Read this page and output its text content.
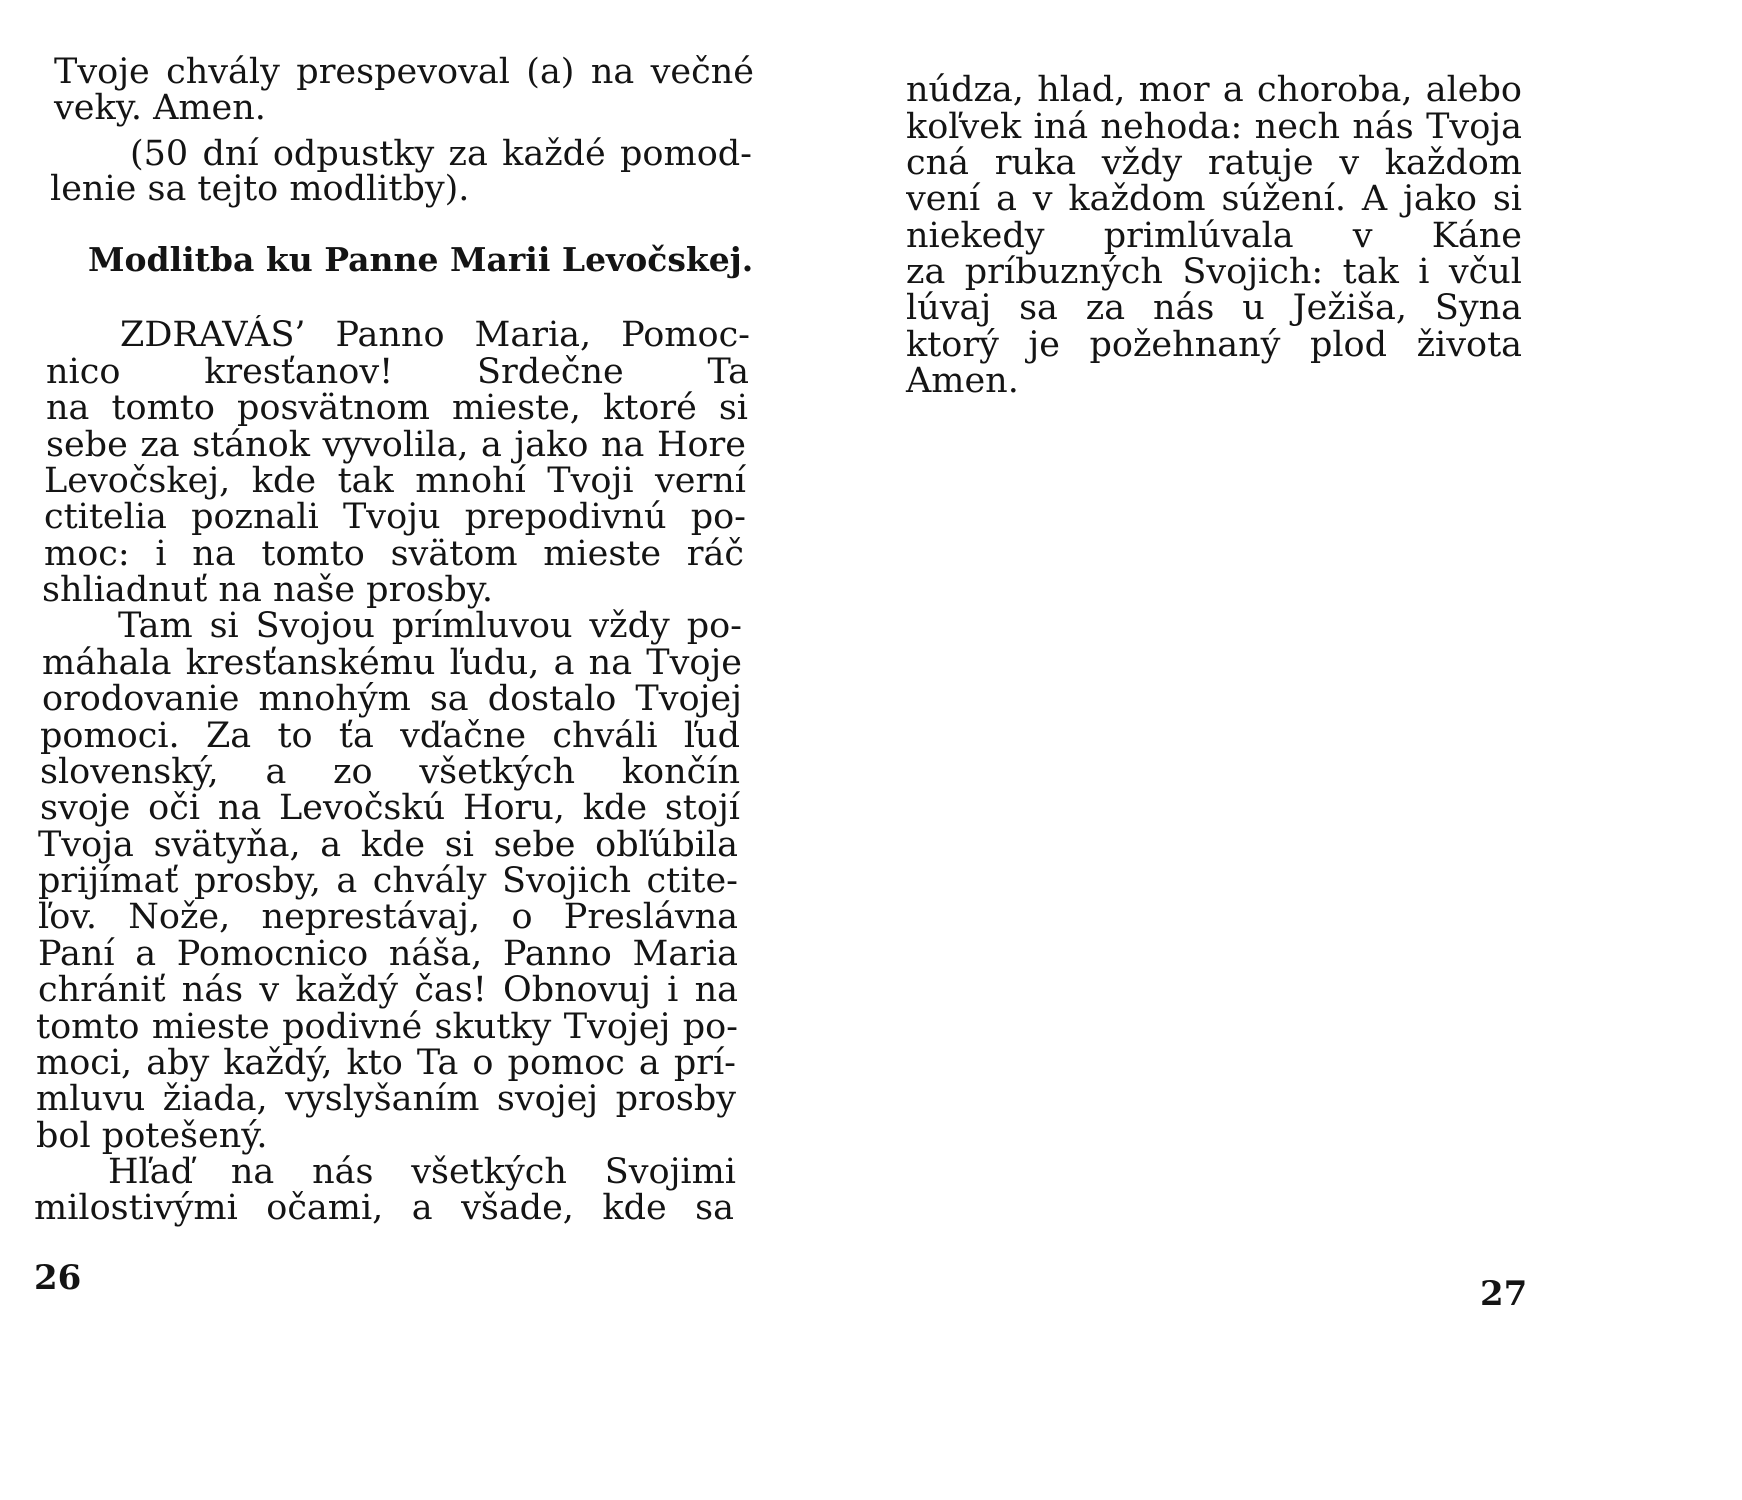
Tvoje chvály prespevoval (a) na večné
veky. Amen.
(50 dní odpustky za každé pomod-
lenie sa tejto modlitby).
Modlitba ku Panne Marii Levočskej.
ZDRAVÁS’ Panno Maria, Pomoc-
nico kresťanov! Srdečne Ta
na tomto posvätnom mieste, ktoré si
sebe za stánok vyvolila, a jako na Hore
Levočskej, kde tak mnohí Tvoji verní
ctitelia poznali Tvoju prepodivnú po-
moc: i na tomto svätom mieste ráč
shliadnuť na naše prosby.
Tam si Svojou prímluvou vždy po-
máhala kresťanskému ľudu, a na Tvoje
orodovanie mnohým sa dostalo Tvojej
pomoci. Za to ťa vďačne chváli ľud
slovenský, a zo všetkých končín
svoje oči na Levočskú Horu, kde stojí
Tvoja svätyňa, a kde si sebe obľúbila
prijímať prosby, a chvály Svojich ctite-
ľov. Nože, neprestávaj, o Preslávna
Paní a Pomocnico náša, Panno Maria
chrániť nás v každý čas! Obnovuj i na
tomto mieste podivné skutky Tvojej po-
moci, aby každý, kto Ta o pomoc a prí-
mluvu žiada, vyslyšaním svojej prosby
bol potešený.
Hľaď na nás všetkých Svojimi
milostivými očami, a všade, kde sa
26
núdza, hlad, mor a choroba, alebo
koľvek iná nehoda: nech nás Tvoja
cná ruka vždy ratuje v každom
vení a v každom súžení. A jako si
niekedy primlúvala v Káne
za príbuzných Svojich: tak i včul
lúvaj sa za nás u Ježiša, Syna
ktorý je požehnaný plod života
Amen.
27
